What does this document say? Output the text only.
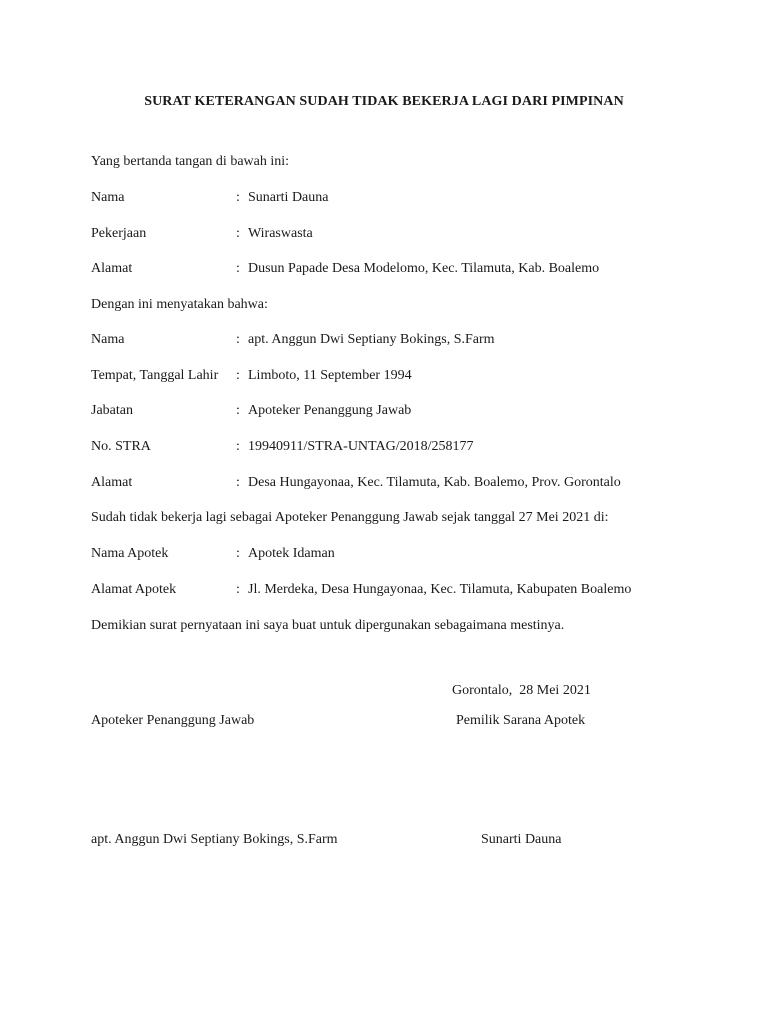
SURAT KETERANGAN SUDAH TIDAK BEKERJA LAGI DARI PIMPINAN
Yang bertanda tangan di bawah ini:
Nama	: Sunarti Dauna
Pekerjaan	: Wiraswasta
Alamat	: Dusun Papade Desa Modelomo, Kec. Tilamuta, Kab. Boalemo
Dengan ini menyatakan bahwa:
Nama	: apt. Anggun Dwi Septiany Bokings, S.Farm
Tempat, Tanggal Lahir : Limboto, 11 September 1994
Jabatan	: Apoteker Penanggung Jawab
No. STRA	: 19940911/STRA-UNTAG/2018/258177
Alamat	: Desa Hungayonaa, Kec. Tilamuta, Kab. Boalemo, Prov. Gorontalo
Sudah tidak bekerja lagi sebagai Apoteker Penanggung Jawab sejak tanggal 27 Mei 2021 di:
Nama Apotek	: Apotek Idaman
Alamat Apotek	: Jl. Merdeka, Desa Hungayonaa, Kec. Tilamuta, Kabupaten Boalemo
Demikian surat pernyataan ini saya buat untuk dipergunakan sebagaimana mestinya.
Gorontalo,  28 Mei 2021
Apoteker Penanggung Jawab	Pemilik Sarana Apotek
apt. Anggun Dwi Septiany Bokings, S.Farm	Sunarti Dauna
